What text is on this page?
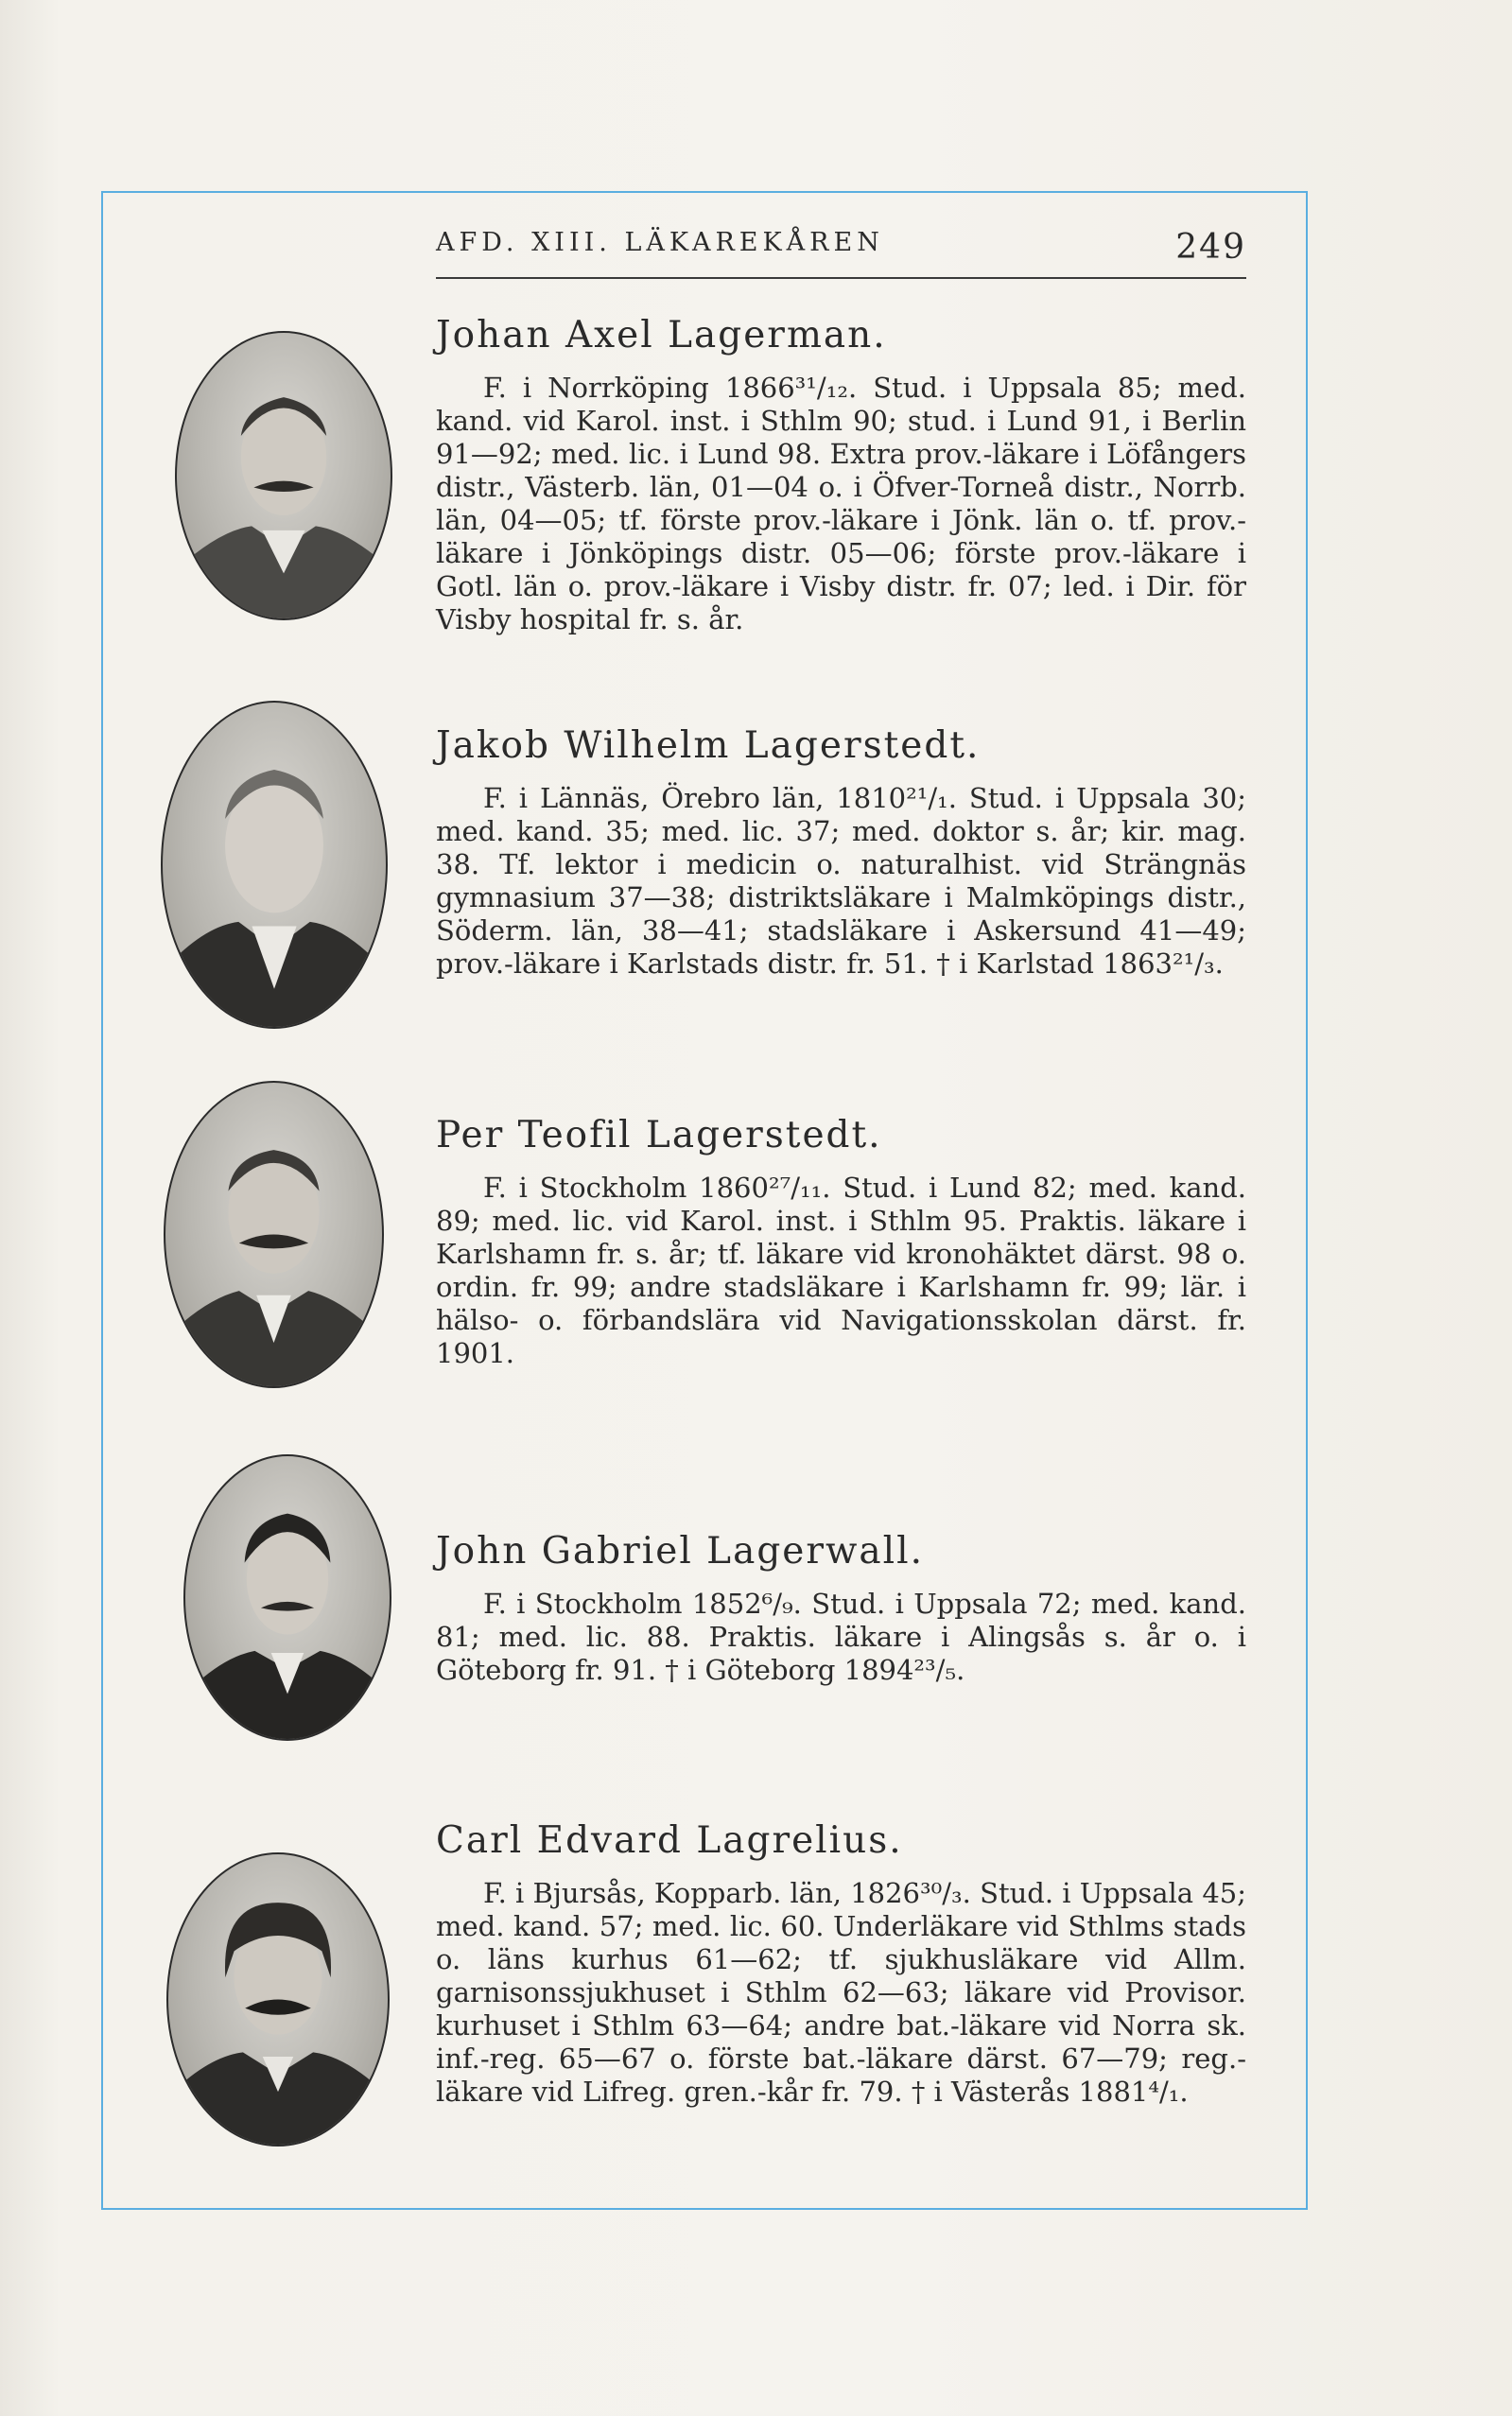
AFD. XIII. LÄKAREKÅREN	249
Johan Axel Lagerman.

F. i Norrköping 1866³¹/₁₂. Stud. i Uppsala 85; med. kand. vid Karol. inst. i Sthlm 90; stud. i Lund 91, i Berlin 91—92; med. lic. i Lund 98. Extra prov.-läkare i Löfångers distr., Västerb. län, 01—04 o. i Öfver-Torneå distr., Norrb. län, 04—05; tf. förste prov.-läkare i Jönk. län o. tf. prov.-läkare i Jönköpings distr. 05—06; förste prov.-läkare i Gotl. län o. prov.-läkare i Visby distr. fr. 07; led. i Dir. för Visby hospital fr. s. år.

Jakob Wilhelm Lagerstedt.

F. i Lännäs, Örebro län, 1810²¹/₁. Stud. i Uppsala 30; med. kand. 35; med. lic. 37; med. doktor s. år; kir. mag. 38. Tf. lektor i medicin o. naturalhist. vid Strängnäs gymnasium 37—38; distriktsläkare i Malmköpings distr., Söderm. län, 38—41; stadsläkare i Askersund 41—49; prov.-läkare i Karlstads distr. fr. 51. † i Karlstad 1863²¹/₃.

Per Teofil Lagerstedt.

F. i Stockholm 1860²⁷/₁₁. Stud. i Lund 82; med. kand. 89; med. lic. vid Karol. inst. i Sthlm 95. Praktis. läkare i Karlshamn fr. s. år; tf. läkare vid kronohäktet därst. 98 o. ordin. fr. 99; andre stadsläkare i Karlshamn fr. 99; lär. i hälso- o. förbandslära vid Navigationsskolan därst. fr. 1901.

John Gabriel Lagerwall.

F. i Stockholm 1852⁶/₉. Stud. i Uppsala 72; med. kand. 81; med. lic. 88. Praktis. läkare i Alingsås s. år o. i Göteborg fr. 91. † i Göteborg 1894²³/₅.

Carl Edvard Lagrelius.

F. i Bjursås, Kopparb. län, 1826³⁰/₃. Stud. i Uppsala 45; med. kand. 57; med. lic. 60. Underläkare vid Sthlms stads o. läns kurhus 61—62; tf. sjukhusläkare vid Allm. garnisonssjukhuset i Sthlm 62—63; läkare vid Provisor. kurhuset i Sthlm 63—64; andre bat.-läkare vid Norra sk. inf.-reg. 65—67 o. förste bat.-läkare därst. 67—79; reg.-läkare vid Lifreg. gren.-kår fr. 79. † i Västerås 1881⁴/₁.
